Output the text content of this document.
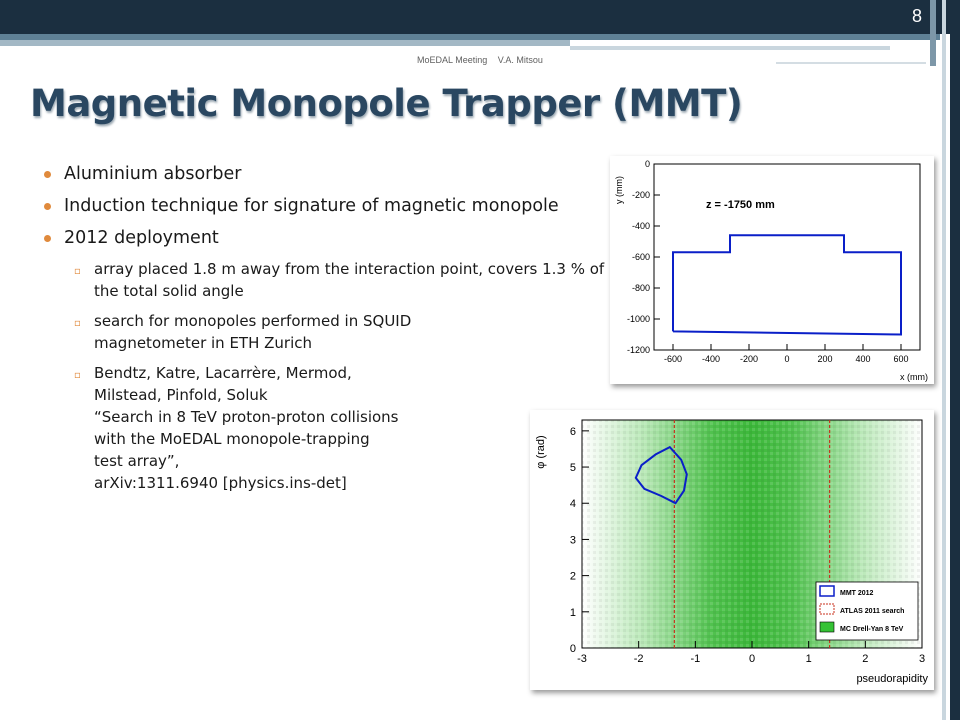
8
MoEDAL Meeting V.A. Mitsou
Magnetic Monopole Trapper (MMT)
Aluminium absorber
Induction technique for signature of magnetic monopole
2012 deployment
▫ array placed 1.8 m away from the interaction point, covers 1.3 % of the total solid angle
▫ search for monopoles performed in SQUID magnetometer in ETH Zurich
▫ Bendtz, Katre, Lacarrère, Mermod,
Milstead, Pinfold, Soluk
“Search in 8 TeV proton-proton collisions
with the MoEDAL monopole-trapping
test array”,
arXiv:1311.6940 [physics.ins-det]
-600 -400 -200	0	200	400	600
0
-200
-400
-600
-800
-1000
-1200
z = -1750 mm
x (mm)
y (mm)
-3	-2	-1	0	1	2	3
0
1
2
3
4
5
6
MMT 2012
ATLAS 2011 search
MC Drell-Yan 8 TeV
pseudorapidity
φ (rad)
